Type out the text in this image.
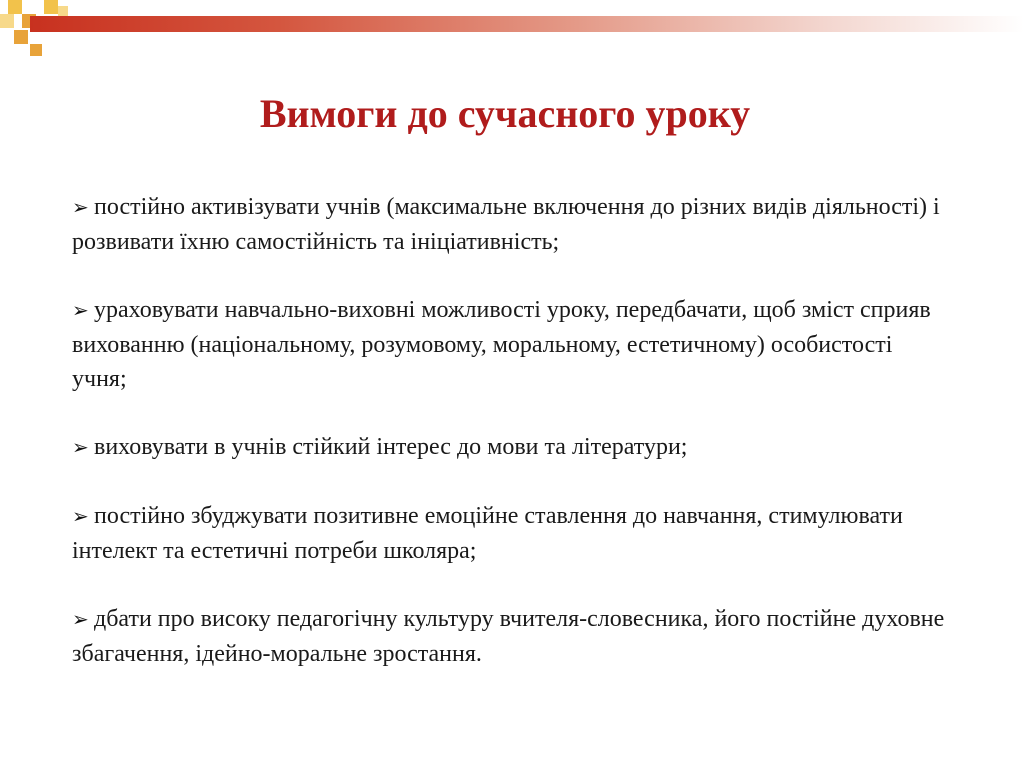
Вимоги до сучасного уроку

➢ постійно активізувати учнів (максимальне включення до різних видів діяльності) і розвивати їхню самостійність та ініціативність;

➢ ураховувати навчально-виховні можливості уроку, передбачати, щоб зміст сприяв вихованню (національному, розумовому, моральному, естетичному) особистості учня;

➢ виховувати в учнів стійкий інтерес до мови та літератури;

➢ постійно збуджувати позитивне емоційне ставлення до навчання, стимулювати інтелект та естетичні потреби школяра;

➢ дбати про високу педагогічну культуру вчителя-словесника, його постійне духовне збагачення, ідейно-моральне зростання.
